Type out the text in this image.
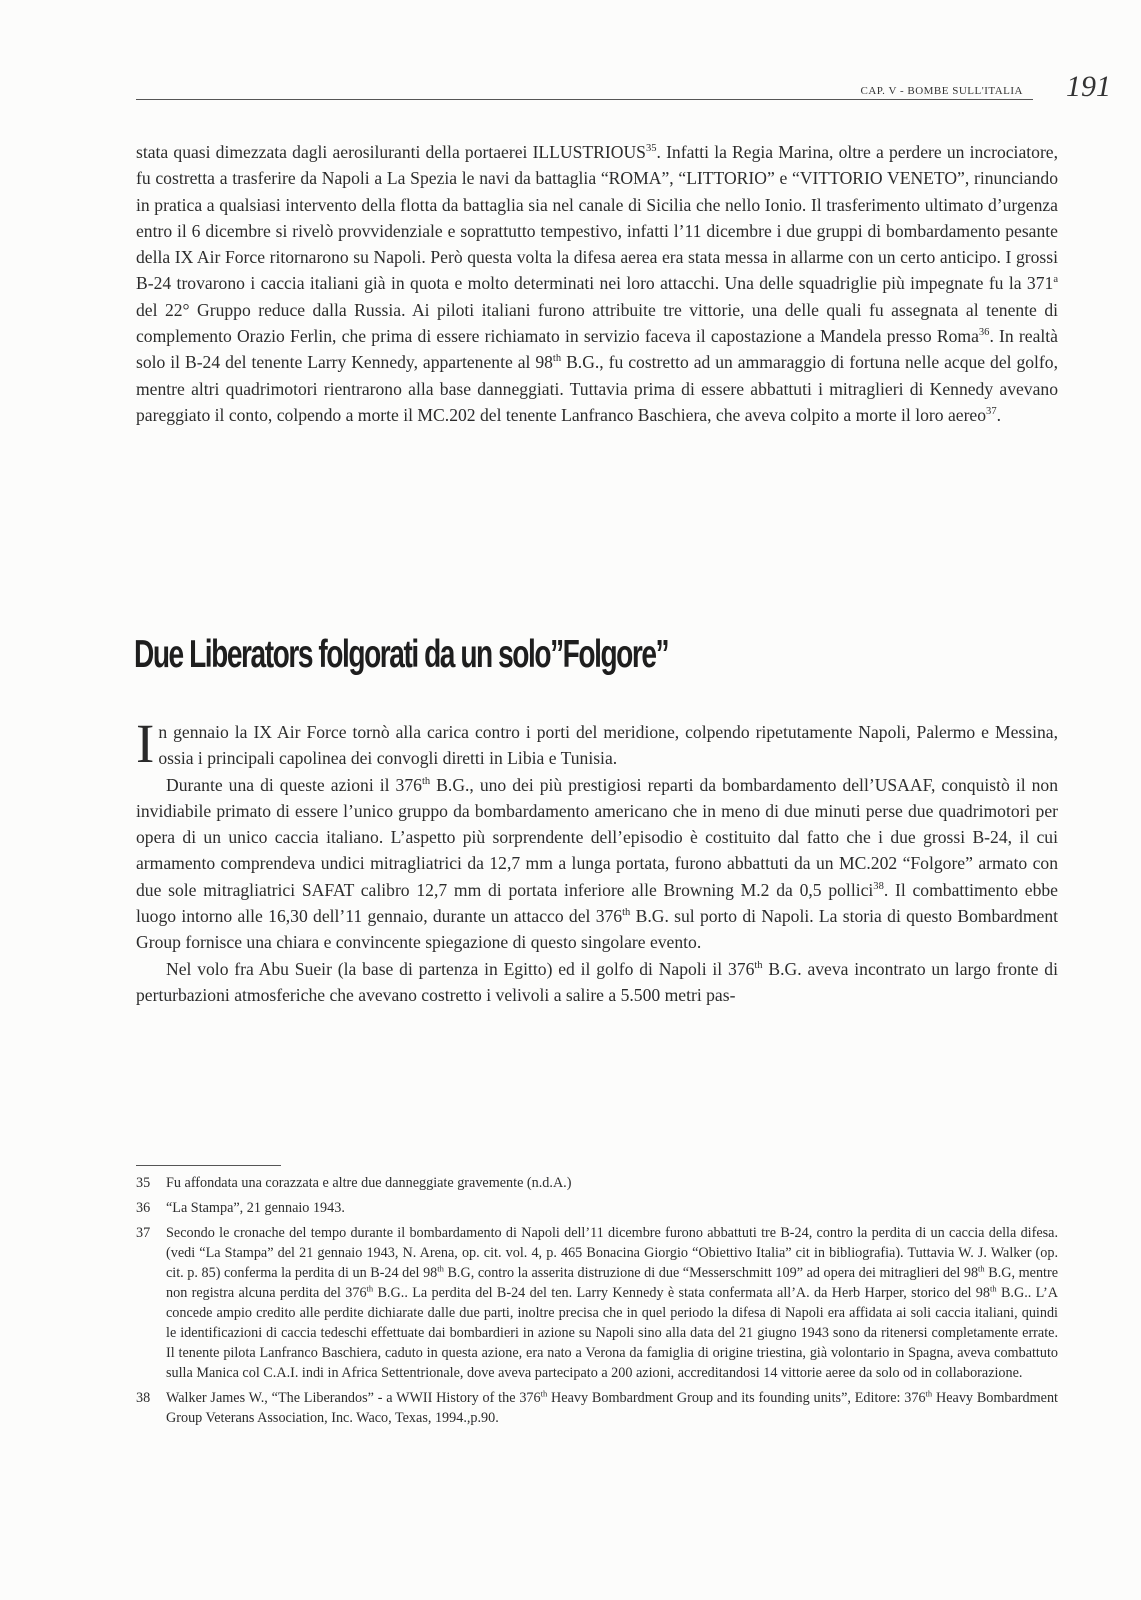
CAP. V - BOMBE SULL'ITALIA 191

stata quasi dimezzata dagli aerosiluranti della portaerei ILLUSTRIOUS$^{35}$. Infatti la Regia Marina, oltre a perdere un incrociatore, fu costretta a trasferire da Napoli a La Spezia le navi da battaglia “ROMA”, “LITTORIO” e “VITTORIO VENETO”, rinunciando in pratica a qualsiasi intervento della flotta da battaglia sia nel canale di Sicilia che nello Ionio. Il trasferimento ultimato d’urgenza entro il 6 dicembre si rivelò provvidenziale e soprattutto tempestivo, infatti l’11 dicembre i due gruppi di bombardamento pesante della IX Air Force ritornarono su Napoli. Però questa volta la difesa aerea era stata messa in allarme con un certo anticipo. I grossi B-24 trovarono i caccia italiani già in quota e molto determinati nei loro attacchi. Una delle squadriglie più impegnate fu la 371$^a$ del 22° Gruppo reduce dalla Russia. Ai piloti italiani furono attribuite tre vittorie, una delle quali fu assegnata al tenente di complemento Orazio Ferlin, che prima di essere richiamato in servizio faceva il capostazione a Mandela presso Roma$^{36}$. In realtà solo il B-24 del tenente Larry Kennedy, appartenente al 98th B.G., fu costretto ad un ammaraggio di fortuna nelle acque del golfo, mentre altri quadrimotori rientrarono alla base danneggiati. Tuttavia prima di essere abbattuti i mitraglieri di Kennedy avevano pareggiato il conto, colpendo a morte il MC.202 del tenente Lanfranco Baschiera, che aveva colpito a morte il loro aereo$^{37}$.

Due Liberators folgorati da un solo”Folgore”

In gennaio la IX Air Force tornò alla carica contro i porti del meridione, colpendo ripetutamente Napoli, Palermo e Messina, ossia i principali capolinea dei convogli diretti in Libia e Tunisia.

Durante una di queste azioni il 376th B.G., uno dei più prestigiosi reparti da bombardamento dell’USAAF, conquistò il non invidiabile primato di essere l’unico gruppo da bombardamento americano che in meno di due minuti perse due quadrimotori per opera di un unico caccia italiano. L’aspetto più sorprendente dell’episodio è costituito dal fatto che i due grossi B-24, il cui armamento comprendeva undici mitragliatrici da 12,7 mm a lunga portata, furono abbattuti da un MC.202 “Folgore” armato con due sole mitragliatrici SAFAT calibro 12,7 mm di portata inferiore alle Browning M.2 da 0,5 pollici$^{38}$. Il combattimento ebbe luogo intorno alle 16,30 dell’11 gennaio, durante un attacco del 376th B.G. sul porto di Napoli. La storia di questo Bombardment Group fornisce una chiara e convincente spiegazione di questo singolare evento.

Nel volo fra Abu Sueir (la base di partenza in Egitto) ed il golfo di Napoli il 376th B.G. aveva incontrato un largo fronte di perturbazioni atmosferiche che avevano costretto i velivoli a salire a 5.500 metri pas-

35	Fu affondata una corazzata e altre due danneggiate gravemente (n.d.A.)
36	“La Stampa”, 21 gennaio 1943.
37	Secondo le cronache del tempo durante il bombardamento di Napoli dell’11 dicembre furono abbattuti tre B-24, contro la perdita di un caccia della difesa.(vedi “La Stampa” del 21 gennaio 1943, N. Arena, op. cit. vol. 4, p. 465 Bonacina Giorgio “Obiettivo Italia” cit in bibliografia). Tuttavia W. J. Walker (op. cit. p. 85) conferma la perdita di un B-24 del 98th B.G, contro la asserita distruzione di due “Messerschmitt 109” ad opera dei mitraglieri del 98th B.G, mentre non registra alcuna perdita del 376th B.G.. La perdita del B-24 del ten. Larry Kennedy è stata confermata all’A. da Herb Harper, storico del 98th B.G.. L’A concede ampio credito alle perdite dichiarate dalle due parti, inoltre precisa che in quel periodo la difesa di Napoli era affidata ai soli caccia italiani, quindi le identificazioni di caccia tedeschi effettuate dai bombardieri in azione su Napoli sino alla data del 21 giugno 1943 sono da ritenersi completamente errate. Il tenente pilota Lanfranco Baschiera, caduto in questa azione, era nato a Verona da famiglia di origine triestina, già volontario in Spagna, aveva combattuto sulla Manica col C.A.I. indi in Africa Settentrionale, dove aveva partecipato a 200 azioni, accreditandosi 14 vittorie aeree da solo od in collaborazione.
38	Walker James W., “The Liberandos” - a WWII History of the 376th Heavy Bombardment Group and its founding units”, Editore: 376th Heavy Bombardment Group Veterans Association, Inc. Waco, Texas, 1994.,p.90.
